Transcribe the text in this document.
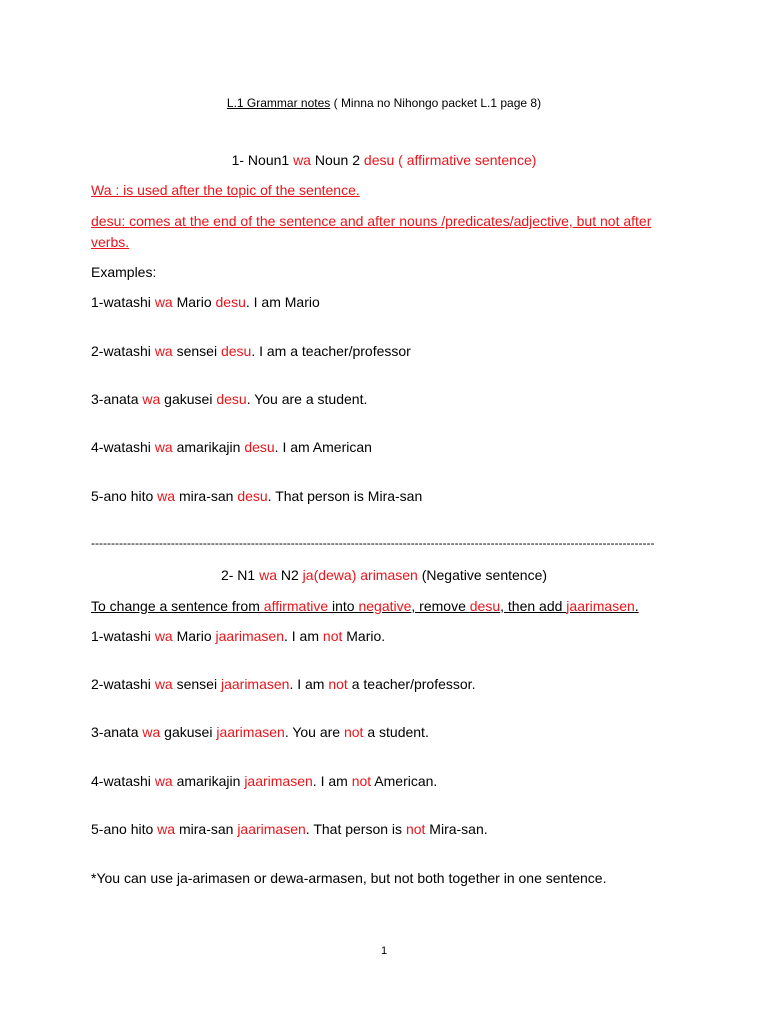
L.1 Grammar notes ( Minna no Nihongo packet L.1 page 8)
1- Noun1 wa Noun 2 desu ( affirmative sentence)
Wa : is used after the topic of the sentence.
desu: comes at the end of the sentence and after nouns /predicates/adjective, but not after
verbs.
Examples:
1-watashi wa Mario desu. I am Mario
2-watashi wa sensei desu. I am a teacher/professor
3-anata wa gakusei desu. You are a student.
4-watashi wa amarikajin desu. I am American
5-ano hito wa mira-san desu. That person is Mira-san
---------------------------------------------------------------------------------------------------------------------------------------------
2- N1 wa N2 ja(dewa) arimasen (Negative sentence)
To change a sentence from affirmative into negative, remove desu, then add jaarimasen.
1-watashi wa Mario jaarimasen. I am not Mario.
2-watashi wa sensei jaarimasen. I am not a teacher/professor.
3-anata wa gakusei jaarimasen. You are not a student.
4-watashi wa amarikajin jaarimasen. I am not American.
5-ano hito wa mira-san jaarimasen. That person is not Mira-san.
*You can use ja-arimasen or dewa-armasen, but not both together in one sentence.
1
